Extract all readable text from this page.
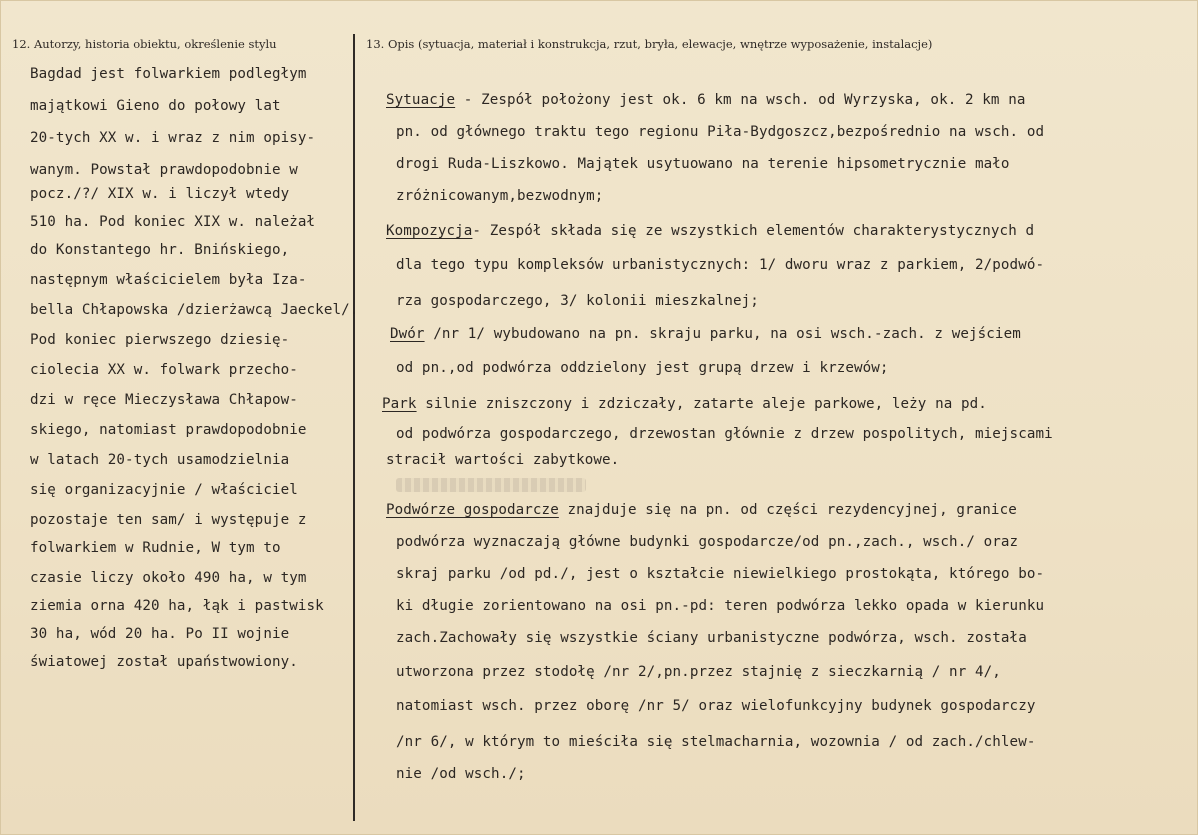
12. Autorzy, historia obiektu, określenie stylu	13. Opis (sytuacja, materiał i konstrukcja, rzut, bryła, elewacje, wnętrze wyposażenie, instalacje)
Bagdad jest folwarkiem podległym
majątkowi Gieno do połowy lat
20-tych XX w. i wraz z nim opisy-
wanym. Powstał prawdopodobnie w
pocz./?/ XIX w. i liczył wtedy
510 ha. Pod koniec XIX w. należał
do Konstantego hr. Bnińskiego,
następnym właścicielem była Iza-
bella Chłapowska /dzierżawcą Jaeckel/.
Pod koniec pierwszego dziesię-
ciolecia XX w. folwark przecho-
dzi w ręce Mieczysława Chłapow-
skiego, natomiast prawdopodobnie
w latach 20-tych usamodzielnia
się organizacyjnie / właściciel
pozostaje ten sam/ i występuje z
folwarkiem w Rudnie, W tym to
czasie liczy około 490 ha, w tym
ziemia orna 420 ha, łąk i pastwisk
30 ha, wód 20 ha. Po II wojnie
światowej został upaństwowiony.
Sytuacje - Zespół położony jest ok. 6 km na wsch. od Wyrzyska, ok. 2 km na
pn. od głównego traktu tego regionu Piła-Bydgoszcz,bezpośrednio na wsch. od
drogi Ruda-Liszkowo. Majątek usytuowano na terenie hipsometrycznie mało
zróżnicowanym,bezwodnym;
Kompozycja- Zespół składa się ze wszystkich elementów charakterystycznych d
dla tego typu kompleksów urbanistycznych: 1/ dworu wraz z parkiem, 2/podwó-
rza gospodarczego, 3/ kolonii mieszkalnej;
Dwór /nr 1/ wybudowano na pn. skraju parku, na osi wsch.-zach. z wejściem
od pn.,od podwórza oddzielony jest grupą drzew i krzewów;
Park silnie zniszczony i zdziczały, zatarte aleje parkowe, leży na pd.
od podwórza gospodarczego, drzewostan głównie z drzew pospolitych, miejscami
stracił wartości zabytkowe.
Podwórze gospodarcze znajduje się na pn. od części rezydencyjnej, granice
podwórza wyznaczają główne budynki gospodarcze/od pn.,zach., wsch./ oraz
skraj parku /od pd./, jest o kształcie niewielkiego prostokąta, którego bo-
ki długie zorientowano na osi pn.-pd: teren podwórza lekko opada w kierunku
zach.Zachowały się wszystkie ściany urbanistyczne podwórza, wsch. została
utworzona przez stodołę /nr 2/,pn.przez stajnię z sieczkarnią / nr 4/,
natomiast wsch. przez oborę /nr 5/ oraz wielofunkcyjny budynek gospodarczy
/nr 6/, w którym to mieściła się stelmacharnia, wozownia / od zach./chlew-
nie /od wsch./;
